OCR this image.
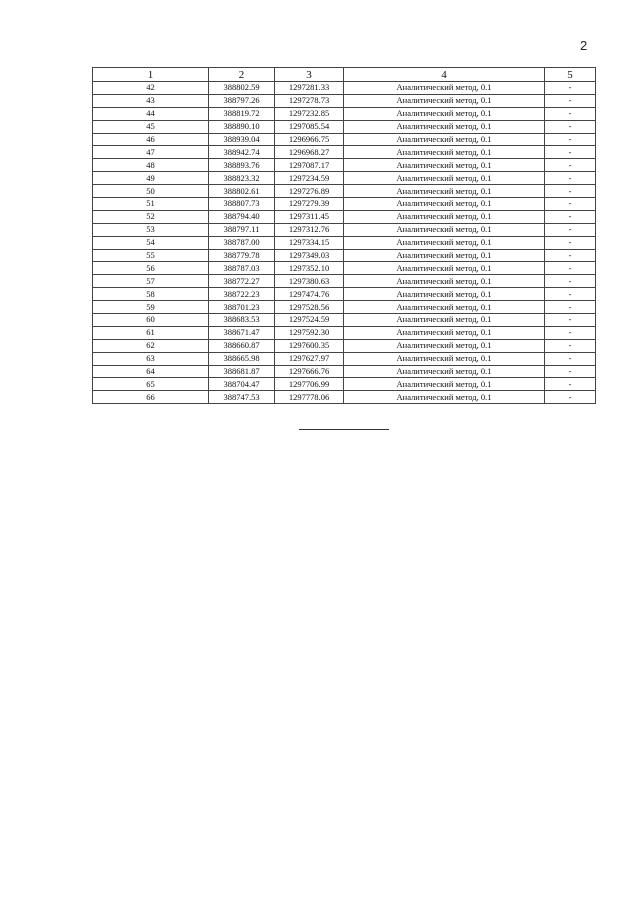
2
1	2	3	4	5
42	388802.59	1297281.33	Аналитический метод, 0.1	-
43	388797.26	1297278.73	Аналитический метод, 0.1	-
44	388819.72	1297232.85	Аналитический метод, 0.1	-
45	388890.10	1297085.54	Аналитический метод, 0.1	-
46	388939.04	1296966.75	Аналитический метод, 0.1	-
47	388942.74	1296968.27	Аналитический метод, 0.1	-
48	388893.76	1297087.17	Аналитический метод, 0.1	-
49	388823.32	1297234.59	Аналитический метод, 0.1	-
50	388802.61	1297276.89	Аналитический метод, 0.1	-
51	388807.73	1297279.39	Аналитический метод, 0.1	-
52	388794.40	1297311.45	Аналитический метод, 0.1	-
53	388797.11	1297312.76	Аналитический метод, 0.1	-
54	388787.00	1297334.15	Аналитический метод, 0.1	-
55	388779.78	1297349.03	Аналитический метод, 0.1	-
56	388787.03	1297352.10	Аналитический метод, 0.1	-
57	388772.27	1297380.63	Аналитический метод, 0.1	-
58	388722.23	1297474.76	Аналитический метод, 0.1	-
59	388701.23	1297528.56	Аналитический метод, 0.1	-
60	388683.53	1297524.59	Аналитический метод, 0.1	-
61	388671.47	1297592.30	Аналитический метод, 0.1	-
62	388660.87	1297600.35	Аналитический метод, 0.1	-
63	388665.98	1297627.97	Аналитический метод, 0.1	-
64	388681.87	1297666.76	Аналитический метод, 0.1	-
65	388704.47	1297706.99	Аналитический метод, 0.1	-
66	388747.53	1297778.06	Аналитический метод, 0.1	-
